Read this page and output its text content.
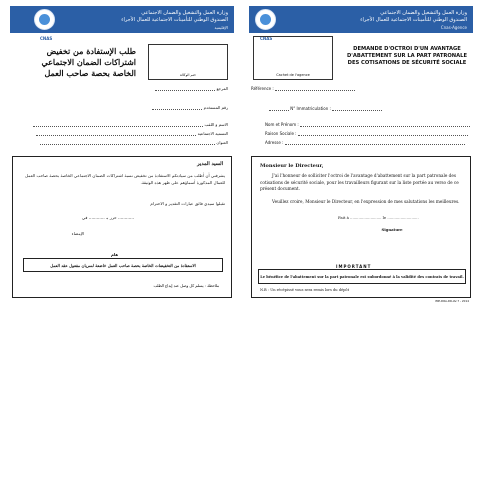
وزارة العمل والتشغيل والضمان الاجتماعي
الصندوق الوطني للتأمينات الاجتماعية للعمال الأجراء
الإقليمية
CNAS
طلب الإستفادة من تخفيض
اشتراكات الضمان الاجتماعي
الخاصة بحصة صاحب العمل	ختم الوكالة
المرجع
رقم المستخدم
الاسم و اللقب
التسمية الاجتماعية
العنوان
السيد المدير
يشرفني أن أطلب من سيادتكم الاستفادة من تخفيض نسبة اشتراكات الضمان الاجتماعي الخاصة بحصة صاحب العمل للعمال المذكورة أسماؤهم على ظهر هذه الوثيقة.
تقبلوا سيدي فائق عبارات التقدير و الاحترام
حرر بـ ............ في ............
الإمضاء
هام
الاستفادة من التخفيضات الخاصة بحصة صاحب العمل خاضعة لسريان مفعول عقد العمل
ملاحظة : يسلم كل وصل عند إيداع الطلب
وزارة العمل والتشغيل والضمان الاجتماعي
الصندوق الوطني للتأمينات الاجتماعية للعمال الأجراء
Cnas-Agence
CNAS
Cachet de l'agence
DEMANDE D'OCTROI D'UN AVANTAGE
D'ABATTEMENT SUR LA PART PATRONALE
DES COTISATIONS DE SÉCURITÉ SOCIALE
Référence :
N° Immatriculation :
Nom et Prénom :
Raison Sociale :
Adresse :
Monsieur le Directeur,
J'ai l'honneur de solliciter l'octroi de l'avantage d'abattement sur la part patronale des cotisations de sécurité sociale, pour les travailleurs figurant sur la liste portée au verso de ce présent document.
Veuillez croire, Monsieur le Directeur, en l'expression de mes salutations les meilleures.
Fait à .......................... le ..........................
Signature
IMPORTANT
Le bénéfice de l'abattement sur la part patronale est subordonné à la validité des contrats de travail.
N.B : Un récépissé vous sera remis lors du dépôt
IMP-DRA-DR-AV-7 - 2014
